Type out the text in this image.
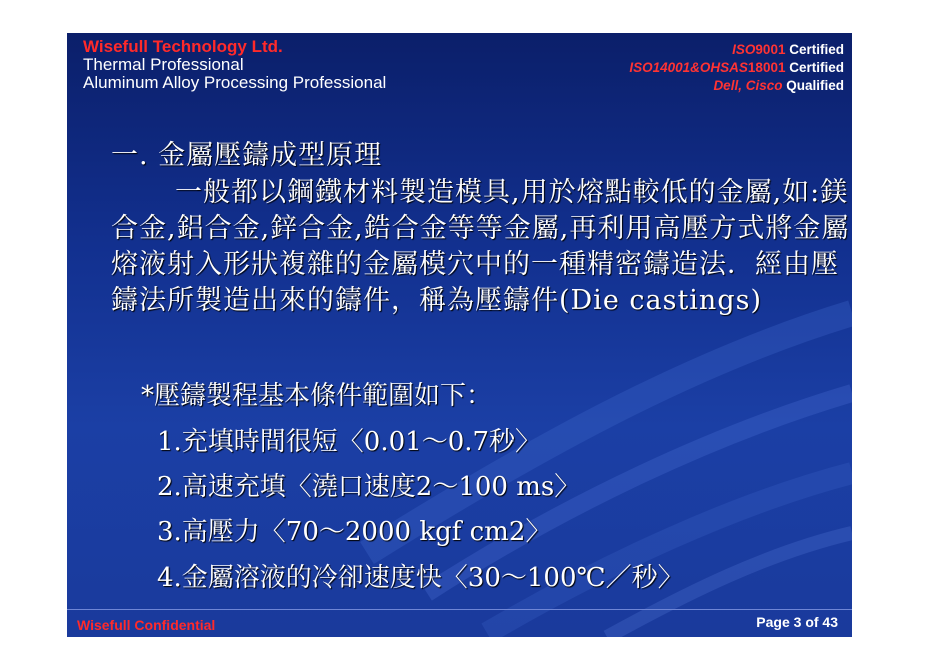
Wisefull Technology Ltd.
Thermal Professional
Aluminum Alloy Processing Professional
ISO9001 Certified
ISO14001&OHSAS18001 Certified
Dell, Cisco Qualified
一. 金屬壓鑄成型原理
一般都以鋼鐵材料製造模具,用於熔點較低的金屬,如:鎂合金,鋁合金,鋅合金,鋯合金等等金屬,再利用高壓方式將金屬熔液射入形狀複雜的金屬模穴中的一種精密鑄造法．經由壓鑄法所製造出來的鑄件，稱為壓鑄件(Die castings)
*壓鑄製程基本條件範圍如下：
1.充填時間很短〈0.01～0.7秒〉
2.高速充填〈澆口速度2～100 ms〉
3.高壓力〈70～2000 kgf cm2〉
4.金屬溶液的冷卻速度快〈30～100℃／秒〉
Wisefull Confidential	Page 3 of 43
